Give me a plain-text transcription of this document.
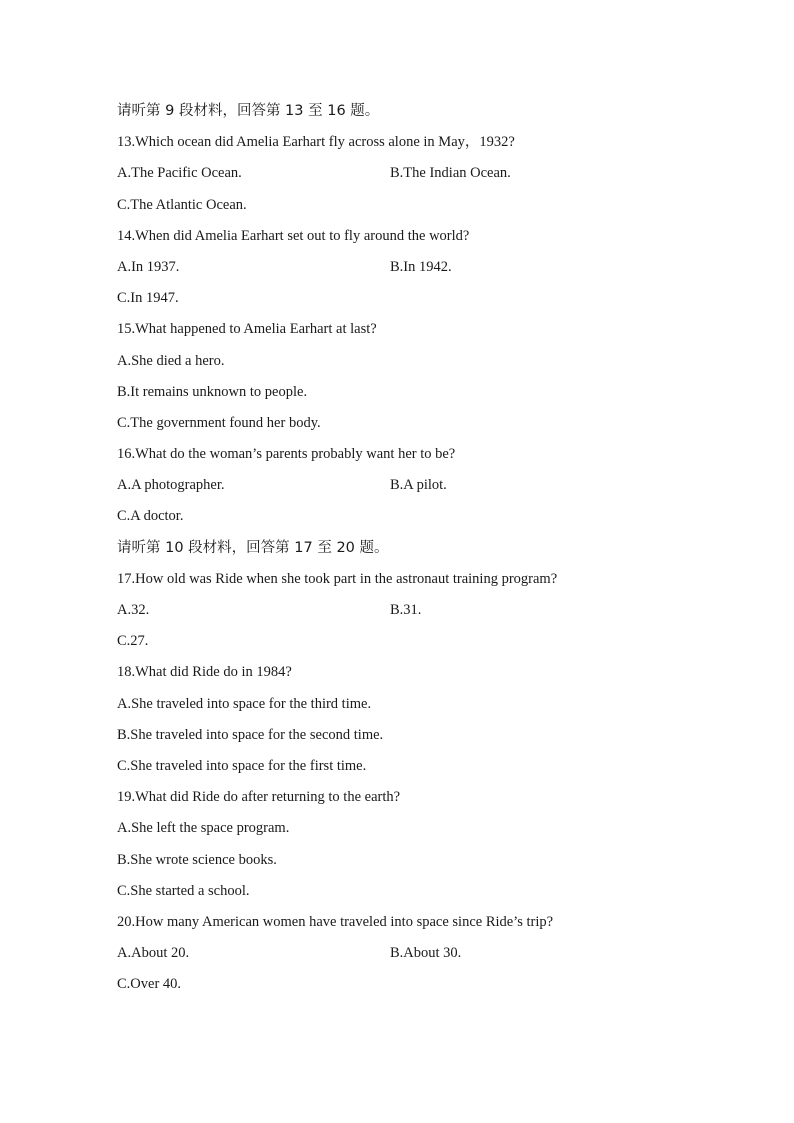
请听第 9 段材料，回答第 13 至 16 题。
13.Which ocean did Amelia Earhart fly across alone in May，1932?
A.The Pacific Ocean.	B.The Indian Ocean.
C.The Atlantic Ocean.
14.When did Amelia Earhart set out to fly around the world?
A.In 1937.	B.In 1942.
C.In 1947.
15.What happened to Amelia Earhart at last?
A.She died a hero.
B.It remains unknown to people.
C.The government found her body.
16.What do the woman’s parents probably want her to be?
A.A photographer.	B.A pilot.
C.A doctor.
请听第 10 段材料，回答第 17 至 20 题。
17.How old was Ride when she took part in the astronaut training program?
A.32.	B.31.
C.27.
18.What did Ride do in 1984?
A.She traveled into space for the third time.
B.She traveled into space for the second time.
C.She traveled into space for the first time.
19.What did Ride do after returning to the earth?
A.She left the space program.
B.She wrote science books.
C.She started a school.
20.How many American women have traveled into space since Ride’s trip?
A.About 20.	B.About 30.
C.Over 40.
